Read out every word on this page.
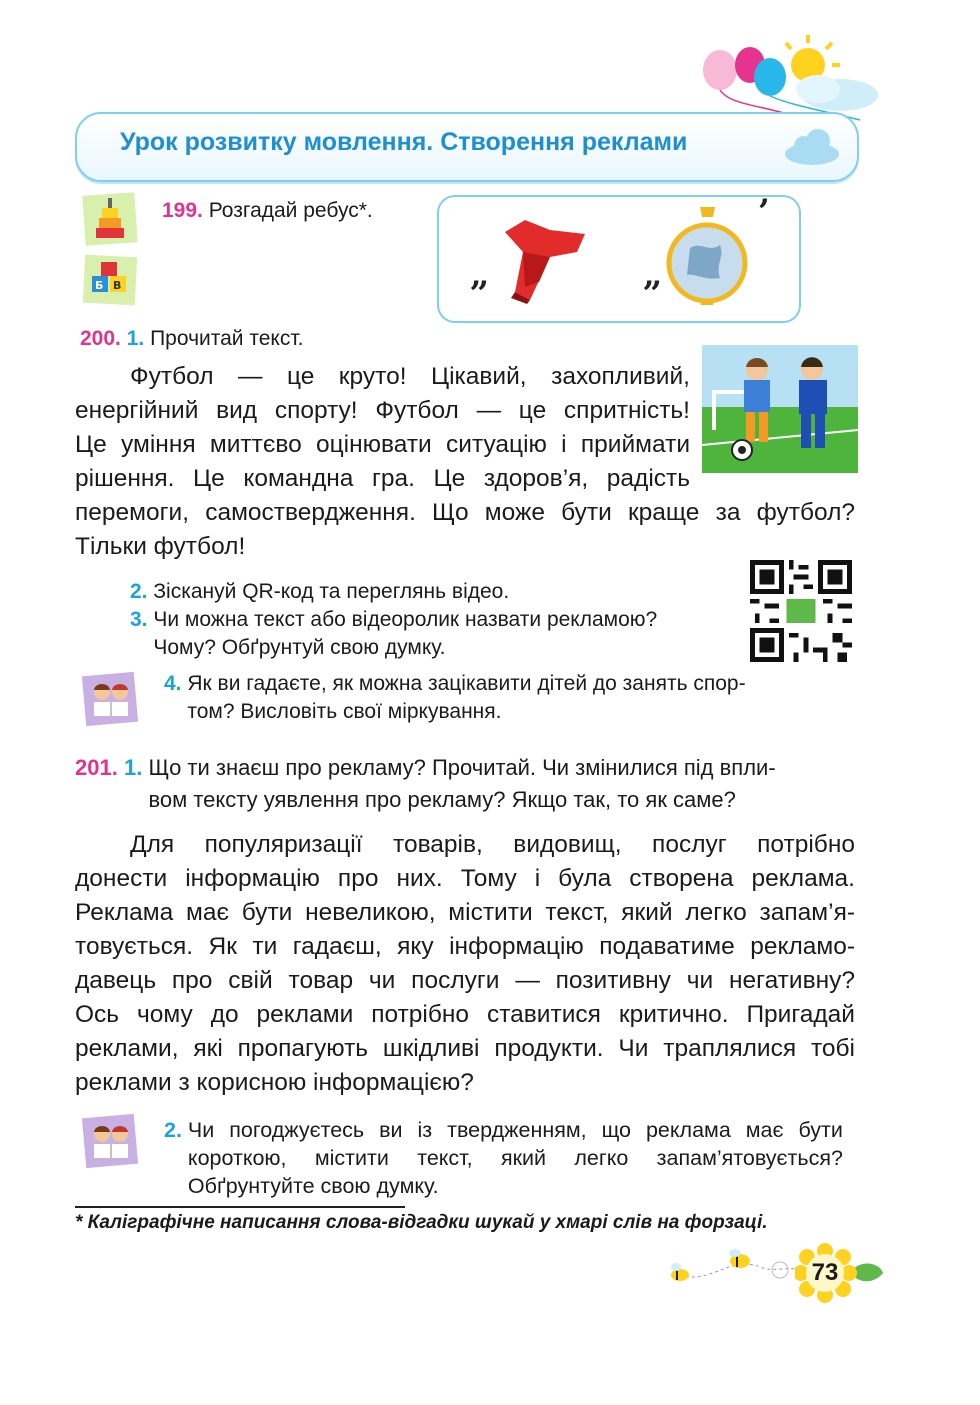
Урок розвитку мовлення. Створення реклами
Б В
199. Розгадай ребус*.
„	„
’
200. 1. Прочитай текст.
Футбол — це круто! Цікавий, захопливий,
енергійний вид спорту! Футбол — це спритність!
Це уміння миттєво оцінювати ситуацію і приймати
рішення. Це командна гра. Це здоров’я, радість
перемоги, самоствердження. Що може бути краще за футбол?
Тільки футбол!
2. Зіскануй QR-код та переглянь відео.
3. Чи можна текст або відеоролик назвати рекламою?
Чому? Обґрунтуй свою думку.
4. Як ви гадаєте, як можна зацікавити дітей до занять спор-
том? Висловіть свої міркування.
201. 1. Що ти знаєш про рекламу? Прочитай. Чи змінилися під впли-
вом тексту уявлення про рекламу? Якщо так, то як саме?
Для популяризації товарів, видовищ, послуг потрібно
донести інформацію про них. Тому і була створена реклама.
Реклама має бути невеликою, містити текст, який легко запам’я-
товується. Як ти гадаєш, яку інформацію подаватиме рекламо-
давець про свій товар чи послуги — позитивну чи негативну?
Ось чому до реклами потрібно ставитися критично. Пригадай
реклами, які пропагують шкідливі продукти. Чи траплялися тобі
реклами з корисною інформацією?
2. Чи погоджуєтесь ви із твердженням, що реклама має бути
короткою, містити текст, який легко запам’ятовується?
Обґрунтуйте свою думку.
* Каліграфічне написання слова-відгадки шукай у хмарі слів на форзаці.
73
